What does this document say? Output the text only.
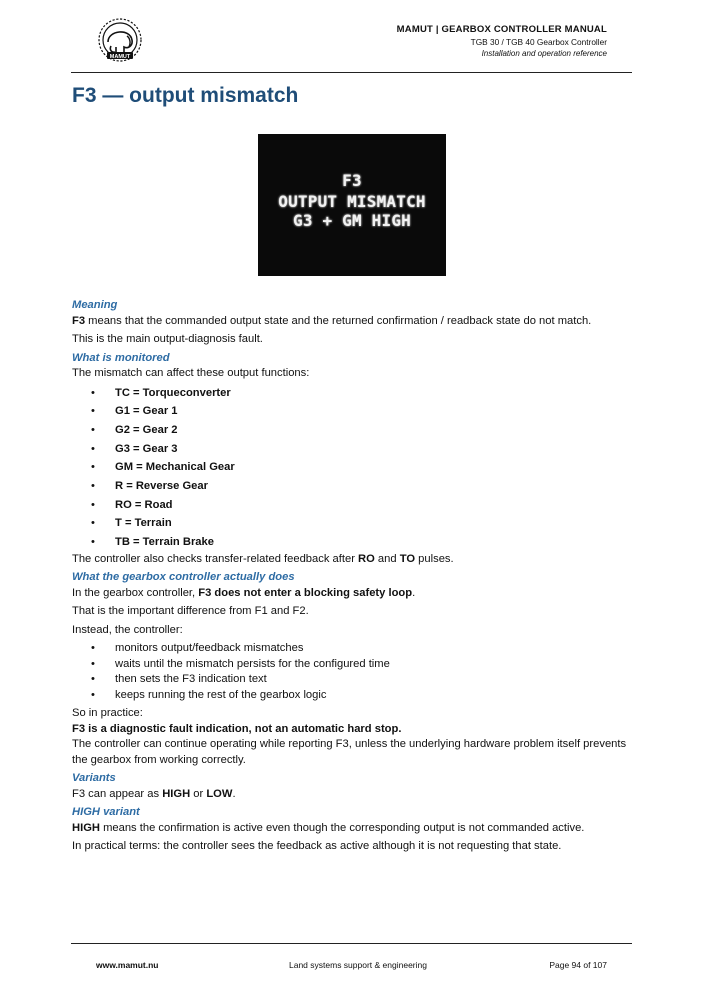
MAMUT
MAMUT | GEARBOX CONTROLLER MANUAL
TGB 30 / TGB 40 Gearbox Controller
Installation and operation reference
F3 — output mismatch
F3
OUTPUT MISMATCH
G3 + GM HIGH
Meaning

F3 means that the commanded output state and the returned confirmation / readback state do not match.

This is the main output-diagnosis fault.

What is monitored

The mismatch can affect these output functions:

• TC = Torqueconverter
• G1 = Gear 1
• G2 = Gear 2
• G3 = Gear 3
• GM = Mechanical Gear
• R = Reverse Gear
• RO = Road
• T = Terrain
• TB = Terrain Brake

The controller also checks transfer-related feedback after RO and TO pulses.

What the gearbox controller actually does

In the gearbox controller, F3 does not enter a blocking safety loop.

That is the important difference from F1 and F2.

Instead, the controller:

• monitors output/feedback mismatches
• waits until the mismatch persists for the configured time
• then sets the F3 indication text
• keeps running the rest of the gearbox logic

So in practice:

F3 is a diagnostic fault indication, not an automatic hard stop.

The controller can continue operating while reporting F3, unless the underlying hardware problem itself prevents the gearbox from working correctly.

Variants

F3 can appear as HIGH or LOW.

HIGH variant

HIGH means the confirmation is active even though the corresponding output is not commanded active.

In practical terms: the controller sees the feedback as active although it is not requesting that state.

www.mamut.nu	Land systems support & engineering	Page 94 of 107
